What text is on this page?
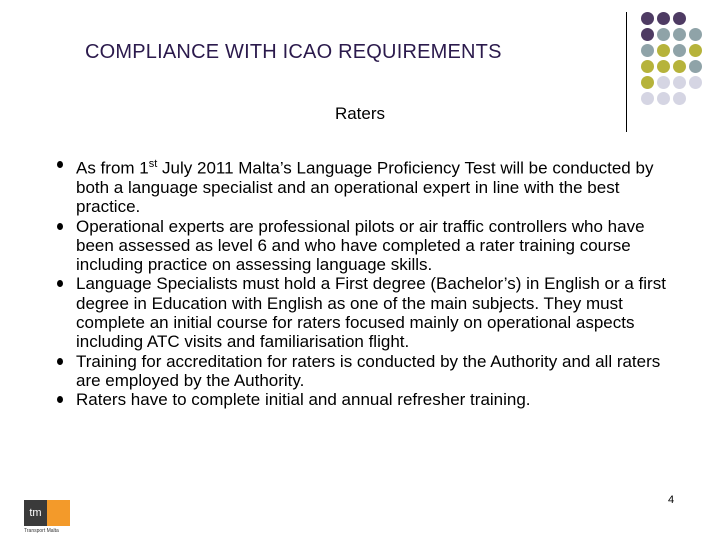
COMPLIANCE WITH ICAO REQUIREMENTS
Raters
As from 1st July 2011 Malta’s Language Proficiency Test will be conducted by both a language specialist and an operational expert in line with the best practice.
Operational experts are professional pilots or air traffic controllers who have been assessed as level 6 and who have completed a rater training course including practice on assessing language skills.
Language Specialists must hold a First degree (Bachelor’s) in English or a first degree in Education with English as one of the main subjects. They must complete an initial course for raters focused mainly on operational aspects including ATC visits and familiarisation flight.
Training for accreditation for raters is conducted by the Authority and all raters are employed by the Authority.
Raters have to complete initial and annual refresher training.
4
tm
Transport Malta
